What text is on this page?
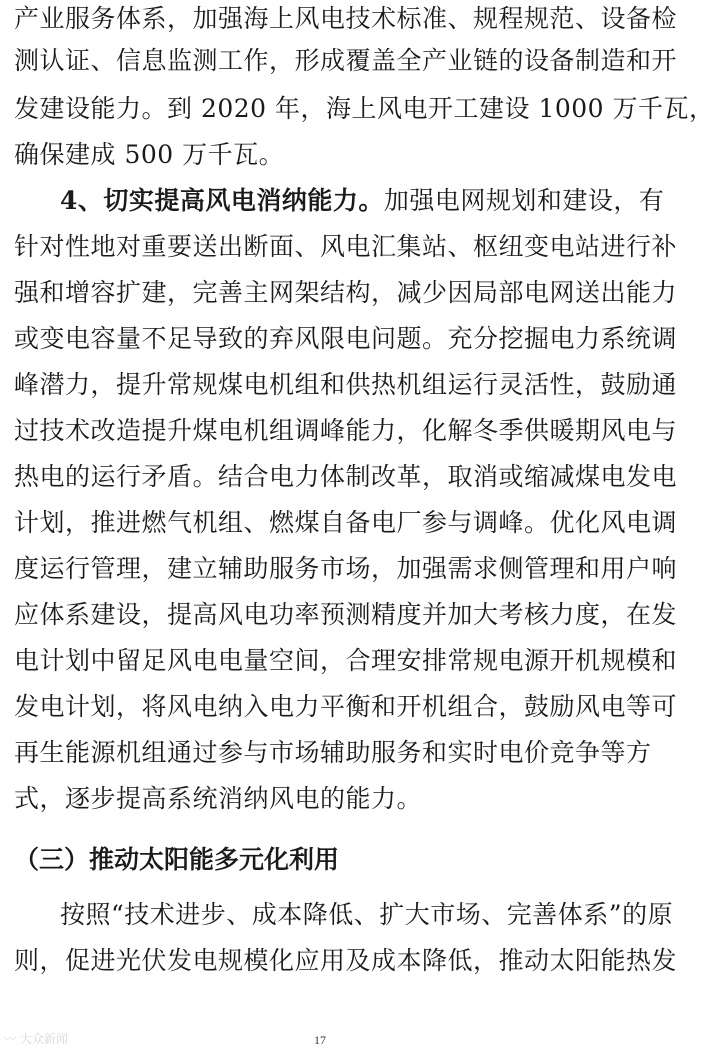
产业服务体系，加强海上风电技术标准、规程规范、设备检
测认证、信息监测工作，形成覆盖全产业链的设备制造和开
发建设能力。到 2020 年，海上风电开工建设 1000 万千瓦，
确保建成 500 万千瓦。
4、切实提高风电消纳能力。加强电网规划和建设，有
针对性地对重要送出断面、风电汇集站、枢纽变电站进行补
强和增容扩建，完善主网架结构，减少因局部电网送出能力
或变电容量不足导致的弃风限电问题。充分挖掘电力系统调
峰潜力，提升常规煤电机组和供热机组运行灵活性，鼓励通
过技术改造提升煤电机组调峰能力，化解冬季供暖期风电与
热电的运行矛盾。结合电力体制改革，取消或缩减煤电发电
计划，推进燃气机组、燃煤自备电厂参与调峰。优化风电调
度运行管理，建立辅助服务市场，加强需求侧管理和用户响
应体系建设，提高风电功率预测精度并加大考核力度，在发
电计划中留足风电电量空间，合理安排常规电源开机规模和
发电计划，将风电纳入电力平衡和开机组合，鼓励风电等可
再生能源机组通过参与市场辅助服务和实时电价竞争等方
式，逐步提高系统消纳风电的能力。
（三）推动太阳能多元化利用
按照“技术进步、成本降低、扩大市场、完善体系”的原
则，促进光伏发电规模化应用及成本降低，推动太阳能热发
〰 大众新闻	17
